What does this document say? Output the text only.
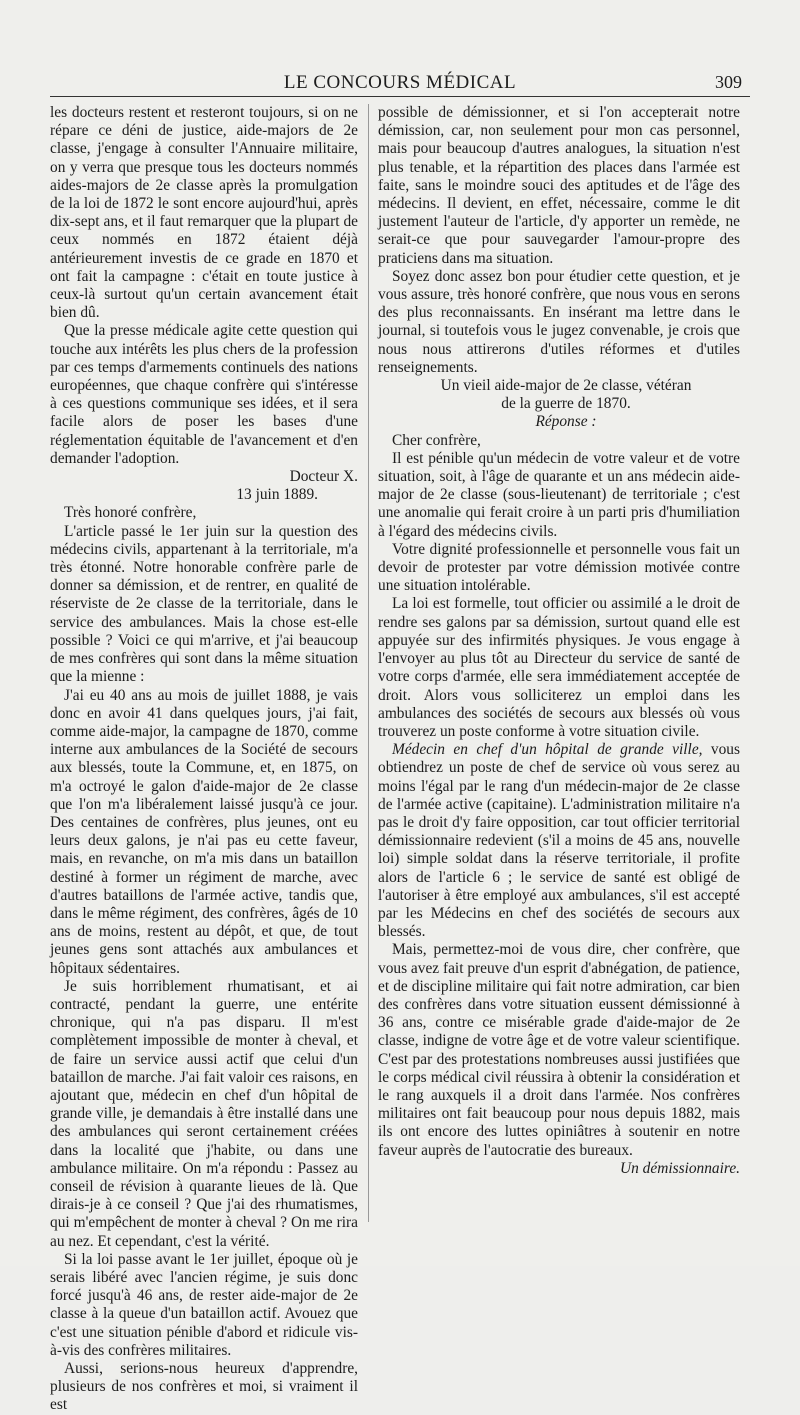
LE CONCOURS MÉDICAL	309

les docteurs restent et resteront toujours, si on ne répare ce déni de justice, aide-majors de 2e classe, j'engage à consulter l'Annuaire militaire, on y verra que presque tous les docteurs nommés aides-majors de 2e classe après la promulgation de la loi de 1872 le sont encore aujourd'hui, après dix-sept ans, et il faut remarquer que la plupart de ceux nommés en 1872 étaient déjà antérieurement investis de ce grade en 1870 et ont fait la campagne : c'était en toute justice à ceux-là surtout qu'un certain avancement était bien dû.

Que la presse médicale agite cette question qui touche aux intérêts les plus chers de la profession par ces temps d'armements continuels des nations européennes, que chaque confrère qui s'intéresse à ces questions communique ses idées, et il sera facile alors de poser les bases d'une réglementation équitable de l'avancement et d'en demander l'adoption.

Docteur X.

13 juin 1889.

Très honoré confrère,

L'article passé le 1er juin sur la question des médecins civils, appartenant à la territoriale, m'a très étonné. Notre honorable confrère parle de donner sa démission, et de rentrer, en qualité de réserviste de 2e classe de la territoriale, dans le service des ambulances. Mais la chose est-elle possible ? Voici ce qui m'arrive, et j'ai beaucoup de mes confrères qui sont dans la même situation que la mienne :

J'ai eu 40 ans au mois de juillet 1888, je vais donc en avoir 41 dans quelques jours, j'ai fait, comme aide-major, la campagne de 1870, comme interne aux ambulances de la Société de secours aux blessés, toute la Commune, et, en 1875, on m'a octroyé le galon d'aide-major de 2e classe que l'on m'a libéralement laissé jusqu'à ce jour. Des centaines de confrères, plus jeunes, ont eu leurs deux galons, je n'ai pas eu cette faveur, mais, en revanche, on m'a mis dans un bataillon destiné à former un régiment de marche, avec d'autres bataillons de l'armée active, tandis que, dans le même régiment, des confrères, âgés de 10 ans de moins, restent au dépôt, et que, de tout jeunes gens sont attachés aux ambulances et hôpitaux sédentaires.

Je suis horriblement rhumatisant, et ai contracté, pendant la guerre, une entérite chronique, qui n'a pas disparu. Il m'est complètement impossible de monter à cheval, et de faire un service aussi actif que celui d'un bataillon de marche. J'ai fait valoir ces raisons, en ajoutant que, médecin en chef d'un hôpital de grande ville, je demandais à être installé dans une des ambulances qui seront certainement créées dans la localité que j'habite, ou dans une ambulance militaire. On m'a répondu : Passez au conseil de révision à quarante lieues de là. Que dirais-je à ce conseil ? Que j'ai des rhumatismes, qui m'empêchent de monter à cheval ? On me rira au nez. Et cependant, c'est la vérité.

Si la loi passe avant le 1er juillet, époque où je serais libéré avec l'ancien régime, je suis donc forcé jusqu'à 46 ans, de rester aide-major de 2e classe à la queue d'un bataillon actif. Avouez que c'est une situation pénible d'abord et ridicule vis-à-vis des confrères militaires.

Aussi, serions-nous heureux d'apprendre, plusieurs de nos confrères et moi, si vraiment il est

possible de démissionner, et si l'on accepterait notre démission, car, non seulement pour mon cas personnel, mais pour beaucoup d'autres analogues, la situation n'est plus tenable, et la répartition des places dans l'armée est faite, sans le moindre souci des aptitudes et de l'âge des médecins. Il devient, en effet, nécessaire, comme le dit justement l'auteur de l'article, d'y apporter un remède, ne serait-ce que pour sauvegarder l'amour-propre des praticiens dans ma situation.

Soyez donc assez bon pour étudier cette question, et je vous assure, très honoré confrère, que nous vous en serons des plus reconnaissants. En insérant ma lettre dans le journal, si toutefois vous le jugez convenable, je crois que nous nous attirerons d'utiles réformes et d'utiles renseignements.

Un vieil aide-major de 2e classe, vétéran

de la guerre de 1870.

Réponse :

Cher confrère,

Il est pénible qu'un médecin de votre valeur et de votre situation, soit, à l'âge de quarante et un ans médecin aide-major de 2e classe (sous-lieutenant) de territoriale ; c'est une anomalie qui ferait croire à un parti pris d'humiliation à l'égard des médecins civils.

Votre dignité professionnelle et personnelle vous fait un devoir de protester par votre démission motivée contre une situation intolérable.

La loi est formelle, tout officier ou assimilé a le droit de rendre ses galons par sa démission, surtout quand elle est appuyée sur des infirmités physiques. Je vous engage à l'envoyer au plus tôt au Directeur du service de santé de votre corps d'armée, elle sera immédiatement acceptée de droit. Alors vous solliciterez un emploi dans les ambulances des sociétés de secours aux blessés où vous trouverez un poste conforme à votre situation civile.

Médecin en chef d'un hôpital de grande ville, vous obtiendrez un poste de chef de service où vous serez au moins l'égal par le rang d'un médecin-major de 2e classe de l'armée active (capitaine). L'administration militaire n'a pas le droit d'y faire opposition, car tout officier territorial démissionnaire redevient (s'il a moins de 45 ans, nouvelle loi) simple soldat dans la réserve territoriale, il profite alors de l'article 6 ; le service de santé est obligé de l'autoriser à être employé aux ambulances, s'il est accepté par les Médecins en chef des sociétés de secours aux blessés.

Mais, permettez-moi de vous dire, cher confrère, que vous avez fait preuve d'un esprit d'abnégation, de patience, et de discipline militaire qui fait notre admiration, car bien des confrères dans votre situation eussent démissionné à 36 ans, contre ce misérable grade d'aide-major de 2e classe, indigne de votre âge et de votre valeur scientifique. C'est par des protestations nombreuses aussi justifiées que le corps médical civil réussira à obtenir la considération et le rang auxquels il a droit dans l'armée. Nos confrères militaires ont fait beaucoup pour nous depuis 1882, mais ils ont encore des luttes opiniâtres à soutenir en notre faveur auprès de l'autocratie des bureaux.

Un démissionnaire.
